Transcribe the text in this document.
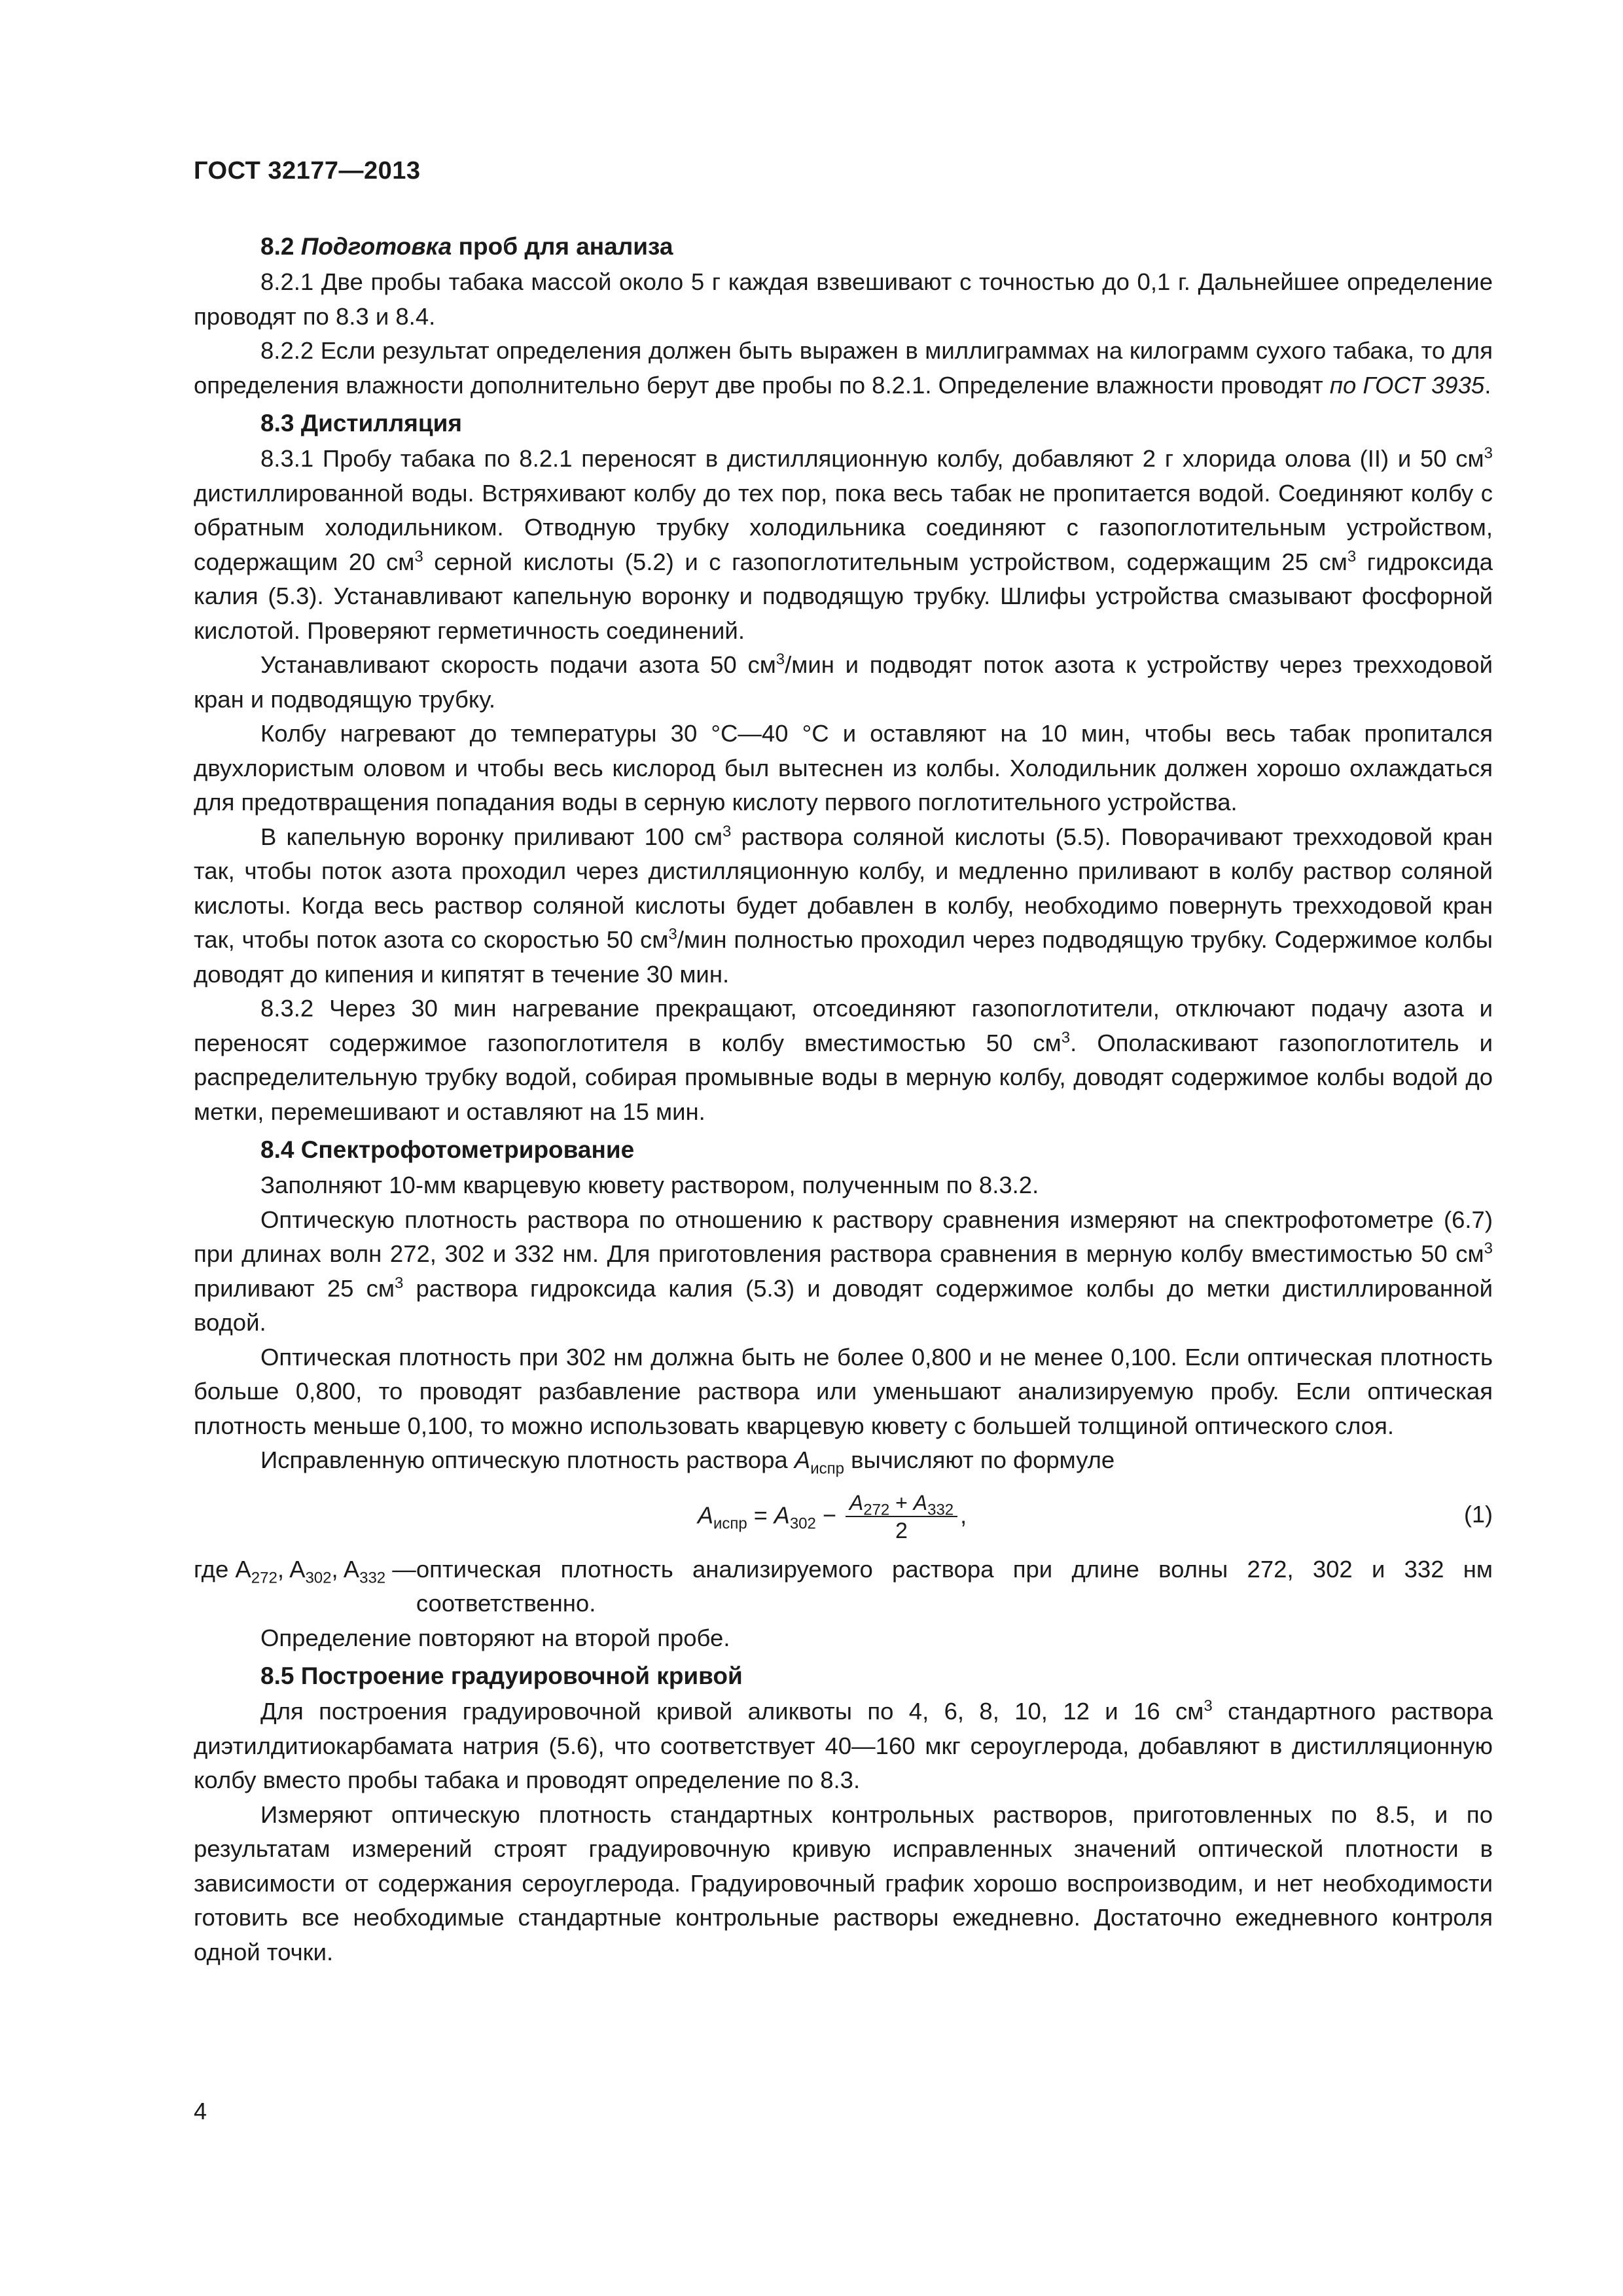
ГОСТ 32177—2013
8.2 Подготовка проб для анализа

8.2.1 Две пробы табака массой около 5 г каждая взвешивают с точностью до 0,1 г. Дальнейшее определение проводят по 8.3 и 8.4.

8.2.2 Если результат определения должен быть выражен в миллиграммах на килограмм сухого табака, то для определения влажности дополнительно берут две пробы по 8.2.1. Определение влажности проводят по ГОСТ 3935.

8.3 Дистилляция

8.3.1 Пробу табака по 8.2.1 переносят в дистилляционную колбу, добавляют 2 г хлорида олова (II) и 50 $см^3$ дистиллированной воды. Встряхивают колбу до тех пор, пока весь табак не пропитается водой. Соединяют колбу с обратным холодильником. Отводную трубку холодильника соединяют с газопоглотительным устройством, содержащим 20 $см^3$ серной кислоты (5.2) и с газопоглотительным устройством, содержащим 25 $см^3$ гидроксида калия (5.3). Устанавливают капельную воронку и подводящую трубку. Шлифы устройства смазывают фосфорной кислотой. Проверяют герметичность соединений.

Устанавливают скорость подачи азота 50 $см^3$/мин и подводят поток азота к устройству через трехходовой кран и подводящую трубку.

Колбу нагревают до температуры 30 °С—40 °С и оставляют на 10 мин, чтобы весь табак пропитался двухлористым оловом и чтобы весь кислород был вытеснен из колбы. Холодильник должен хорошо охлаждаться для предотвращения попадания воды в серную кислоту первого поглотительного устройства.

В капельную воронку приливают 100 $см^3$ раствора соляной кислоты (5.5). Поворачивают трехходовой кран так, чтобы поток азота проходил через дистилляционную колбу, и медленно приливают в колбу раствор соляной кислоты. Когда весь раствор соляной кислоты будет добавлен в колбу, необходимо повернуть трехходовой кран так, чтобы поток азота со скоростью 50 $см^3$/мин полностью проходил через подводящую трубку. Содержимое колбы доводят до кипения и кипятят в течение 30 мин.

8.3.2 Через 30 мин нагревание прекращают, отсоединяют газопоглотители, отключают подачу азота и переносят содержимое газопоглотителя в колбу вместимостью 50 $см^3$. Ополаскивают газопоглотитель и распределительную трубку водой, собирая промывные воды в мерную колбу, доводят содержимое колбы водой до метки, перемешивают и оставляют на 15 мин.

8.4 Спектрофотометрирование

Заполняют 10-мм кварцевую кювету раствором, полученным по 8.3.2.

Оптическую плотность раствора по отношению к раствору сравнения измеряют на спектрофотометре (6.7) при длинах волн 272, 302 и 332 нм. Для приготовления раствора сравнения в мерную колбу вместимостью 50 $см^3$ приливают 25 $см^3$ раствора гидроксида калия (5.3) и доводят содержимое колбы до метки дистиллированной водой.

Оптическая плотность при 302 нм должна быть не более 0,800 и не менее 0,100. Если оптическая плотность больше 0,800, то проводят разбавление раствора или уменьшают анализируемую пробу. Если оптическая плотность меньше 0,100, то можно использовать кварцевую кювету с большей толщиной оптического слоя.

Исправленную оптическую плотность раствора $A_{испр}$ вычисляют по формуле

$A_{испр} = A_{302} - \frac{A_{272} + A_{332}}{2}$ ,	(1)
где $A_{272}$, $A_{302}$, $A_{332}$ — оптическая плотность анализируемого раствора при длине волны 272, 302 и 332 нм соответственно.

Определение повторяют на второй пробе.

8.5 Построение градуировочной кривой

Для построения градуировочной кривой аликвоты по 4, 6, 8, 10, 12 и 16 $см^3$ стандартного раствора диэтилдитиокарбамата натрия (5.6), что соответствует 40—160 мкг сероуглерода, добавляют в дистилляционную колбу вместо пробы табака и проводят определение по 8.3.

Измеряют оптическую плотность стандартных контрольных растворов, приготовленных по 8.5, и по результатам измерений строят градуировочную кривую исправленных значений оптической плотности в зависимости от содержания сероуглерода. Градуировочный график хорошо воспроизводим, и нет необходимости готовить все необходимые стандартные контрольные растворы ежедневно. Достаточно ежедневного контроля одной точки.

4
